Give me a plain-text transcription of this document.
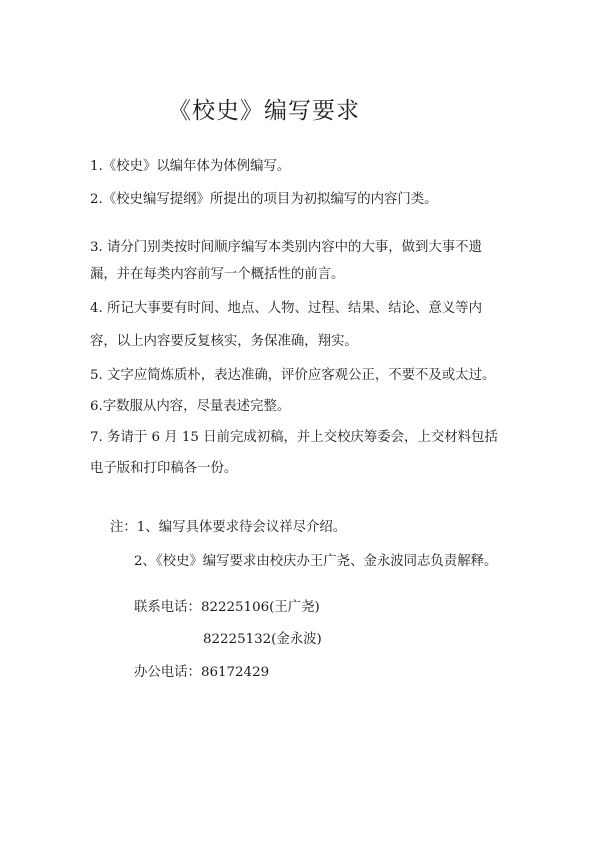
《校史》编写要求
1.《校史》以编年体为体例编写。
2.《校史编写提纲》所提出的项目为初拟编写的内容门类。
3. 请分门别类按时间顺序编写本类别内容中的大事，做到大事不遗
漏，并在每类内容前写一个概括性的前言。
4. 所记大事要有时间、地点、人物、过程、结果、结论、意义等内
容，以上内容要反复核实，务保准确，翔实。
5. 文字应简炼质朴，表达准确，评价应客观公正，不要不及或太过。
6.字数服从内容，尽量表述完整。
7. 务请于 6 月 15 日前完成初稿，并上交校庆筹委会，上交材料包括
电子版和打印稿各一份。
注：1、编写具体要求待会议祥尽介绍。
2、《校史》编写要求由校庆办王广尧、金永波同志负责解释。
联系电话：82225106(王广尧)
82225132(金永波)
办公电话：86172429
